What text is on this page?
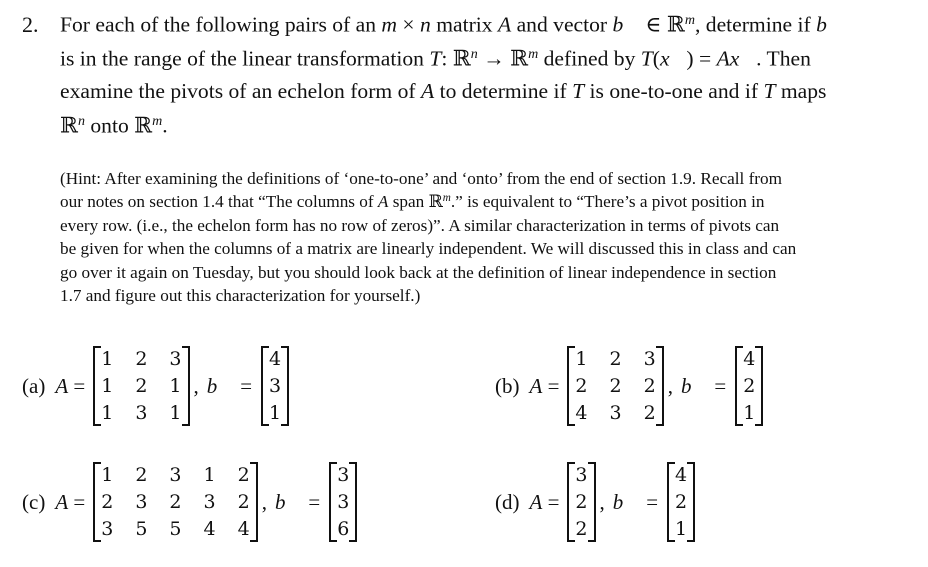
2. For each of the following pairs of an m × n matrix A and vector b⃗ ∈ ℝ$^m$, determine if b⃗
is in the range of the linear transformation T: ℝ$^n$ → ℝ$^m$ defined by T(x⃗) = Ax⃗. Then
examine the pivots of an echelon form of A to determine if T is one-to-one and if T maps
ℝ$^n$ onto ℝ$^m$.
(Hint: After examining the definitions of ‘one-to-one’ and ‘onto’ from the end of section 1.9. Recall from
our notes on section 1.4 that “The columns of A span ℝ$^m$.” is equivalent to “There’s a pivot position in
every row. (i.e., the echelon form has no row of zeros)”. A similar characterization in terms of pivots can
be given for when the columns of a matrix are linearly independent. We will discussed this in class and can
go over it again on Tuesday, but you should look back at the definition of linear independence in section
1.7 and figure out this characterization for yourself.)
(a) A =
1 2 3
1 2 1
1 3 1
, b⃗ =
4
3
1
(b) A =
1 2 3
2 2 2
4 3 2
, b⃗ =
4
2
1
(c) A =
1 2 3 1 2
2 3 2 3 2
3 5 5 4 4
, b⃗ =
3
3
6
(d) A =
3
2
2
, b⃗ =
4
2
1
